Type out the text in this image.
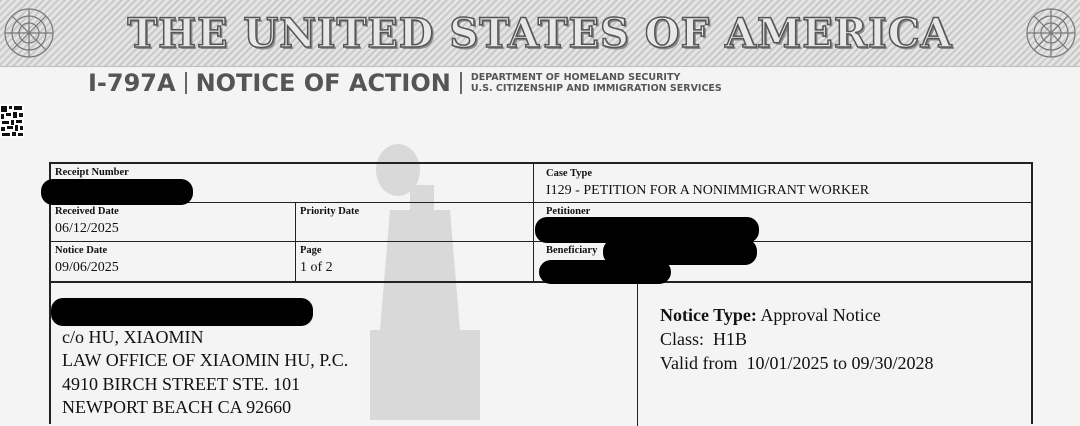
THE UNITED STATES OF AMERICA
I-797A NOTICE OF ACTION DEPARTMENT OF HOMELAND SECURITY
U.S. CITIZENSHIP AND IMMIGRATION SERVICES
Receipt Number	Case Type
I129 - PETITION FOR A NONIMMIGRANT WORKER
Received Date
06/12/2025
Priority Date	Petitioner
Notice Date
09/06/2025
Page
1 of 2
Beneficiary
c/o HU, XIAOMIN
LAW OFFICE OF XIAOMIN HU, P.C.
4910 BIRCH STREET STE. 101
NEWPORT BEACH CA 92660
Notice Type: Approval Notice
Class: H1B
Valid from 10/01/2025 to 09/30/2028
